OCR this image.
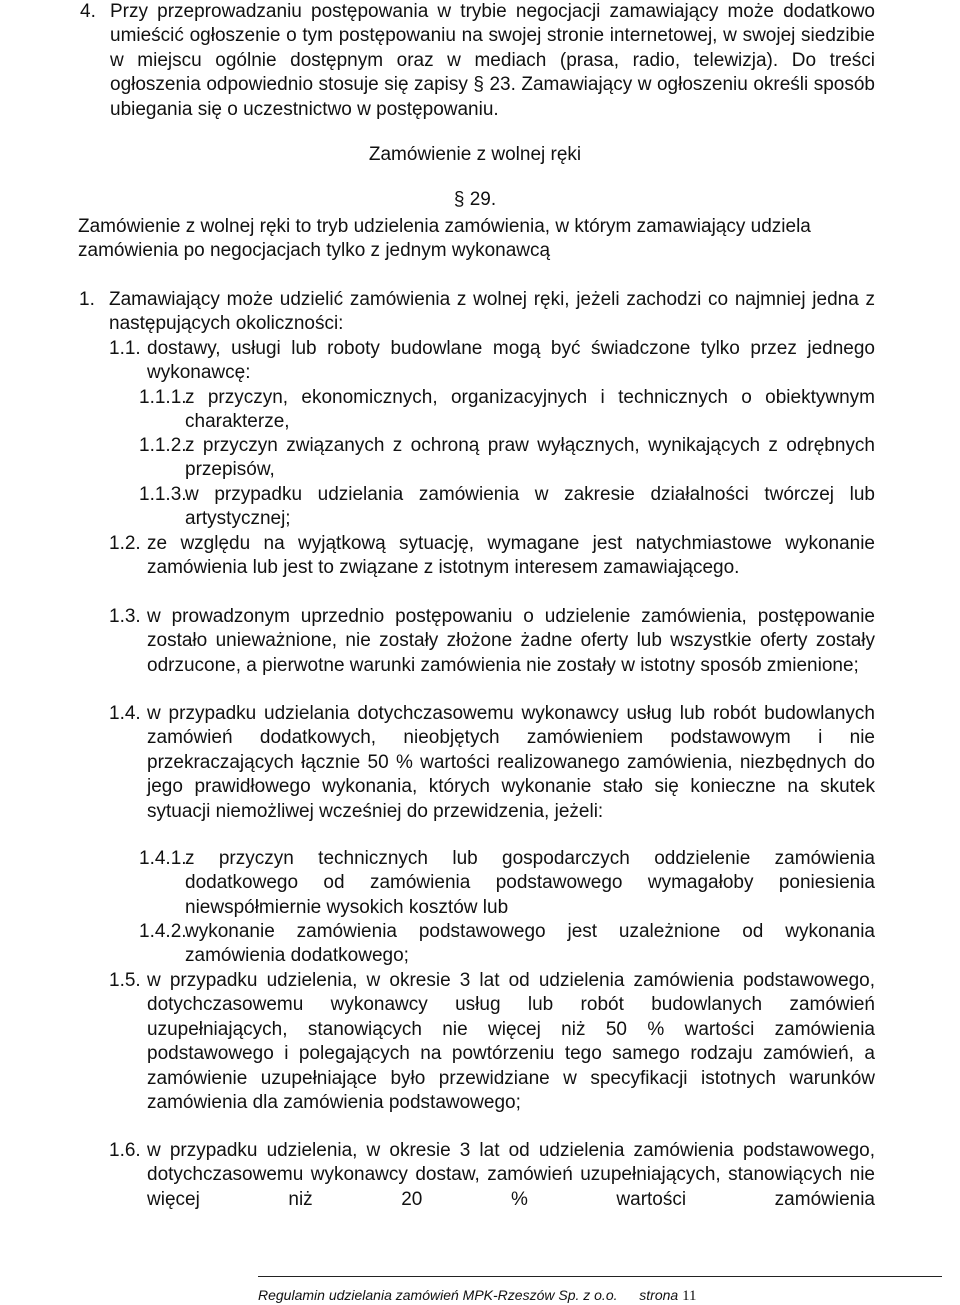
4. Przy przeprowadzaniu postępowania w trybie negocjacji zamawiający może dodatkowo umieścić ogłoszenie o tym postępowaniu na swojej stronie internetowej, w swojej siedzibie w miejscu ogólnie dostępnym oraz w mediach (prasa, radio, telewizja). Do treści ogłoszenia odpowiednio stosuje się zapisy § 23. Zamawiający w ogłoszeniu określi sposób ubiegania się o uczestnictwo w postępowaniu.
Zamówienie z wolnej ręki
§ 29.
Zamówienie z wolnej ręki to tryb udzielenia zamówienia, w którym zamawiający udziela zamówienia po negocjacjach tylko z jednym wykonawcą
1. Zamawiający może udzielić zamówienia z wolnej ręki, jeżeli zachodzi co najmniej jedna z następujących okoliczności:
1.1. dostawy, usługi lub roboty budowlane mogą być świadczone tylko przez jednego wykonawcę:
1.1.1.
z przyczyn, ekonomicznych, organizacyjnych i technicznych o obiektywnym charakterze,
1.1.2.
z przyczyn związanych z ochroną praw wyłącznych, wynikających z odrębnych przepisów,
1.1.3.
w przypadku udzielania zamówienia w zakresie działalności twórczej lub artystycznej;
1.2. ze względu na wyjątkową sytuację, wymagane jest natychmiastowe wykonanie zamówienia lub jest to związane z istotnym interesem zamawiającego.
1.3. w prowadzonym uprzednio postępowaniu o udzielenie zamówienia, postępowanie zostało unieważnione, nie zostały złożone żadne oferty lub wszystkie oferty zostały odrzucone, a pierwotne warunki zamówienia nie zostały w istotny sposób zmienione;
1.4. w przypadku udzielania dotychczasowemu wykonawcy usług lub robót budowlanych zamówień dodatkowych, nieobjętych zamówieniem podstawowym i nie przekraczających łącznie 50 % wartości realizowanego zamówienia, niezbędnych do jego prawidłowego wykonania, których wykonanie stało się konieczne na skutek sytuacji niemożliwej wcześniej do przewidzenia, jeżeli:
1.4.1.
z przyczyn technicznych lub gospodarczych oddzielenie zamówienia dodatkowego od zamówienia podstawowego wymagałoby poniesienia niewspółmiernie wysokich kosztów lub
1.4.2.
wykonanie zamówienia podstawowego jest uzależnione od wykonania zamówienia dodatkowego;
1.5. w przypadku udzielenia, w okresie 3 lat od udzielenia zamówienia podstawowego, dotychczasowemu wykonawcy usług lub robót budowlanych zamówień uzupełniających, stanowiących nie więcej niż 50 % wartości zamówienia podstawowego i polegających na powtórzeniu tego samego rodzaju zamówień, a zamówienie uzupełniające było przewidziane w specyfikacji istotnych warunków zamówienia dla zamówienia podstawowego;
1.6. w przypadku udzielenia, w okresie 3 lat od udzielenia zamówienia podstawowego, dotychczasowemu wykonawcy dostaw, zamówień uzupełniających, stanowiących nie więcej niż 20 % wartości zamówienia
Regulamin udzielania zamówień MPK-Rzeszów Sp. z o.o. strona 11
